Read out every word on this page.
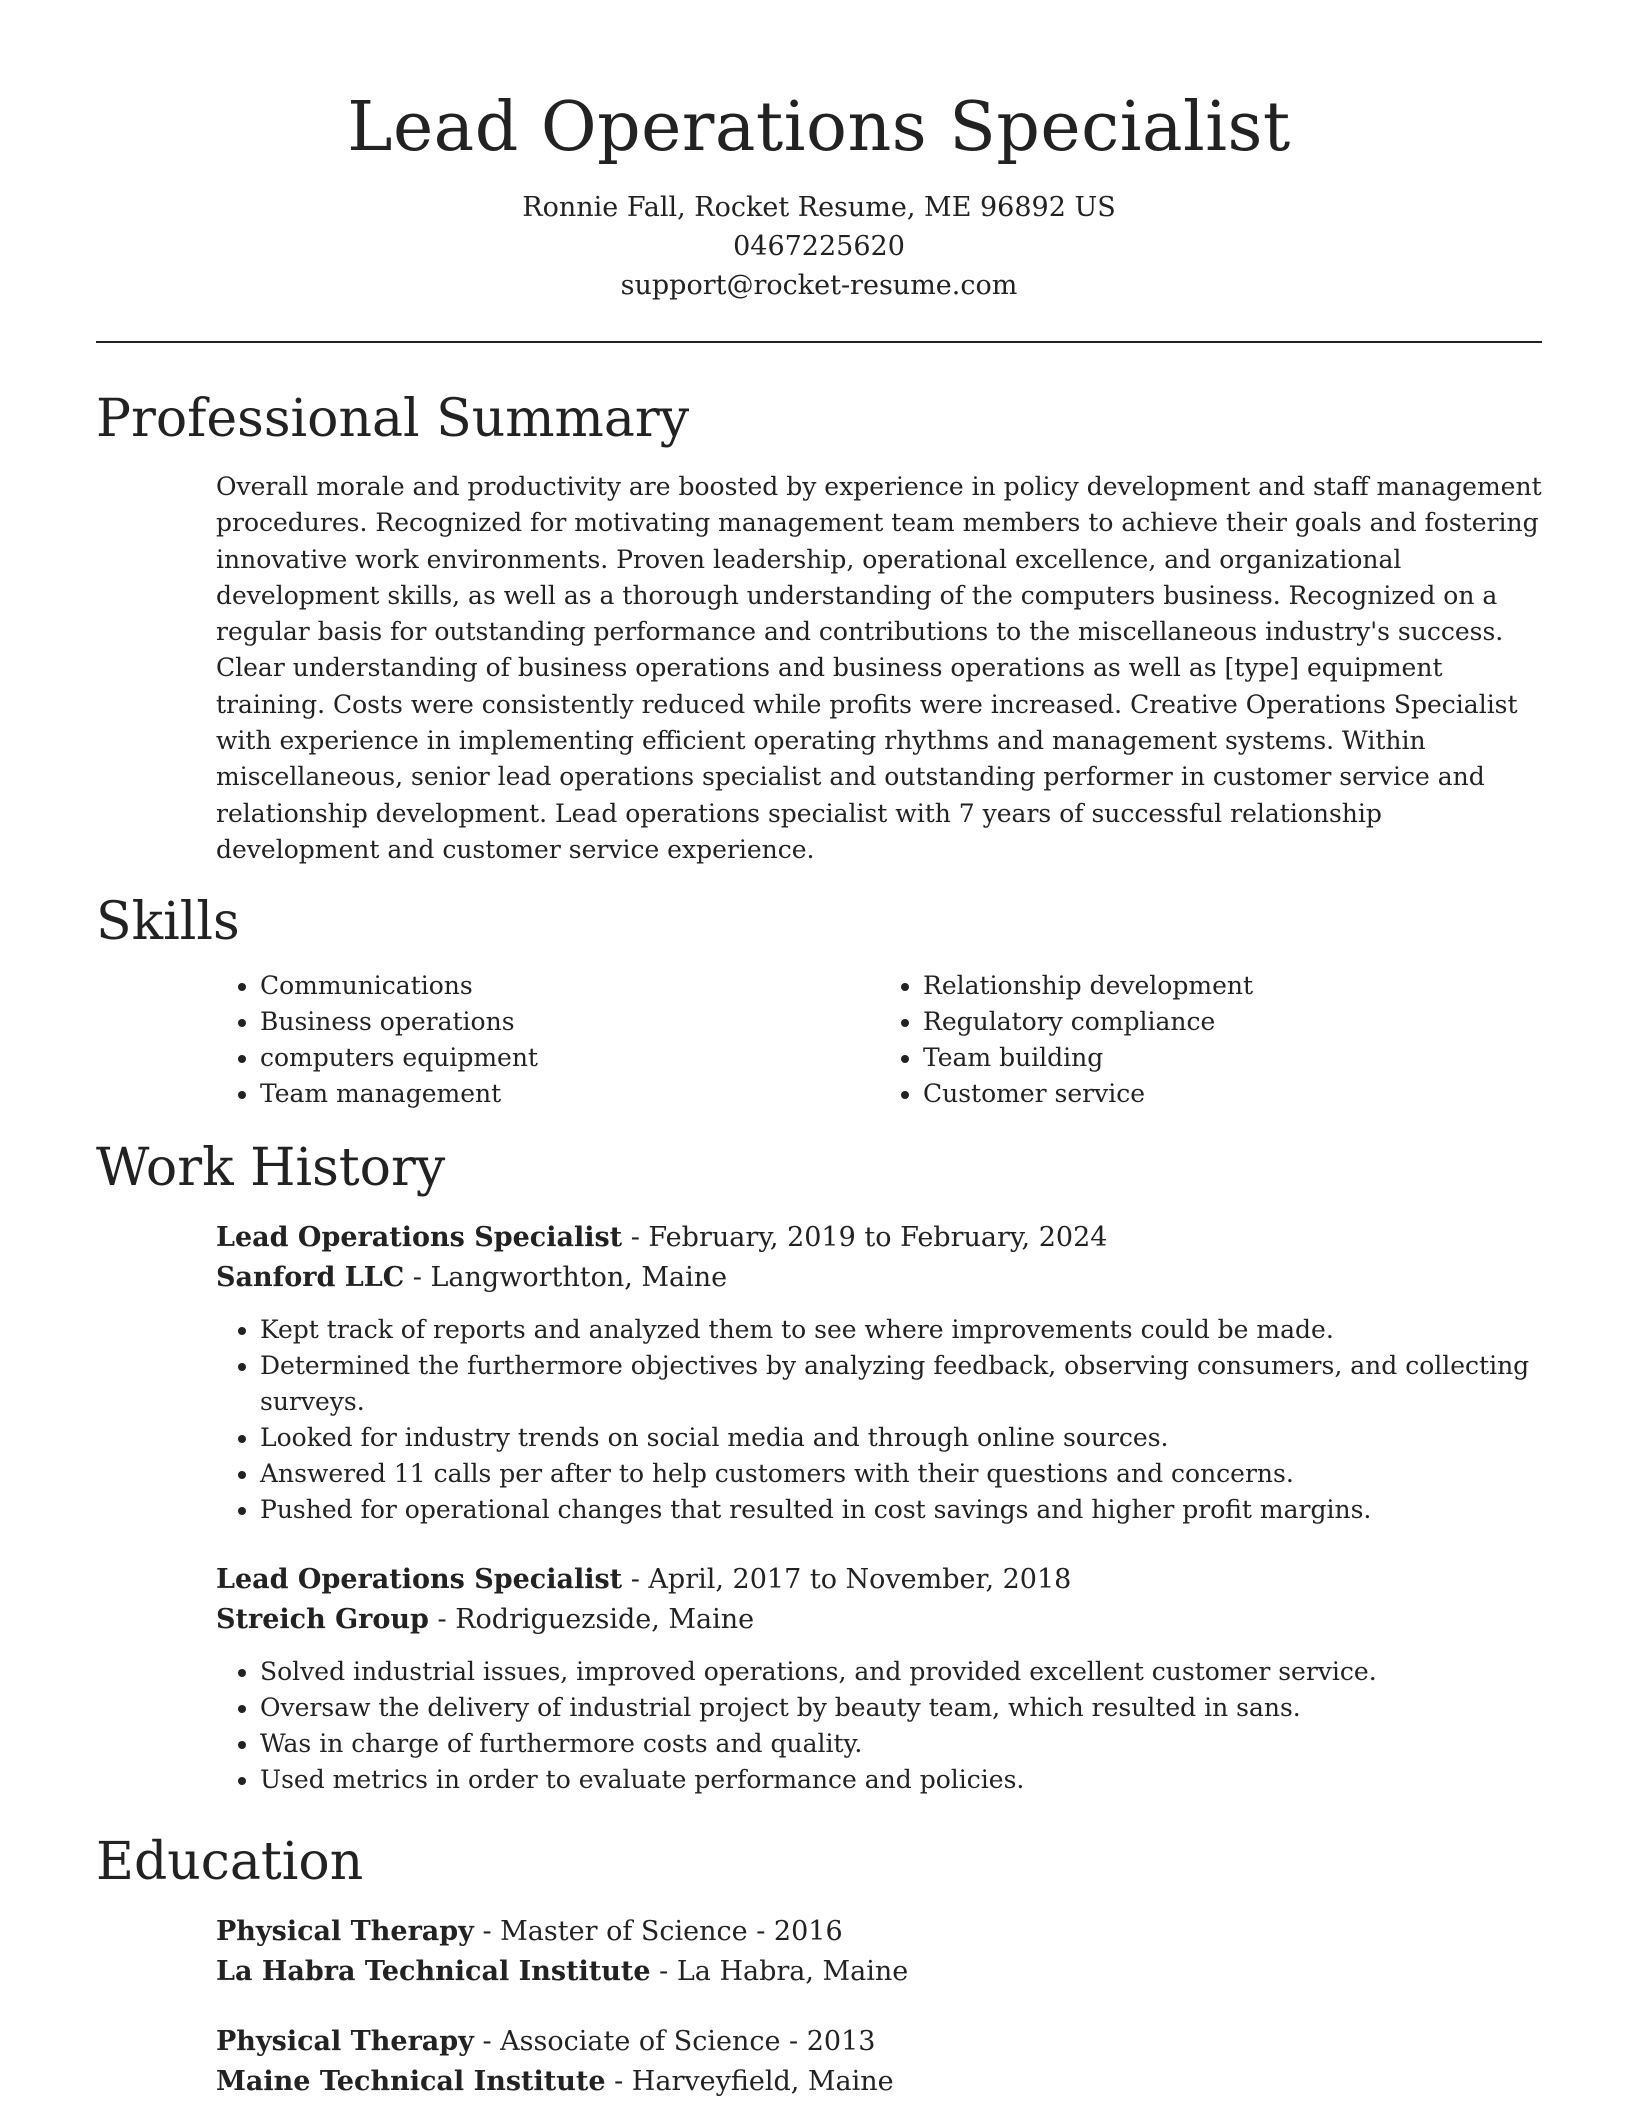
Lead Operations Specialist

Ronnie Fall, Rocket Resume, ME 96892 US

0467225620

support@rocket-resume.com

Professional Summary

Overall morale and productivity are boosted by experience in policy development and staff management procedures. Recognized for motivating management team members to achieve their goals and fostering innovative work environments. Proven leadership, operational excellence, and organizational development skills, as well as a thorough understanding of the computers business. Recognized on a regular basis for outstanding performance and contributions to the miscellaneous industry's success. Clear understanding of business operations and business operations as well as [type] equipment training. Costs were consistently reduced while profits were increased. Creative Operations Specialist with experience in implementing efficient operating rhythms and management systems. Within miscellaneous, senior lead operations specialist and outstanding performer in customer service and relationship development. Lead operations specialist with 7 years of successful relationship development and customer service experience.

Skills
• Communications
• Business operations
• computers equipment
• Team management
• Relationship development
• Regulatory compliance
• Team building
• Customer service
Work History

Lead Operations Specialist - February, 2019 to February, 2024

Sanford LLC - Langworthton, Maine

• Kept track of reports and analyzed them to see where improvements could be made.
• Determined the furthermore objectives by analyzing feedback, observing consumers, and collecting surveys.
• Looked for industry trends on social media and through online sources.
• Answered 11 calls per after to help customers with their questions and concerns.
• Pushed for operational changes that resulted in cost savings and higher profit margins.

Lead Operations Specialist - April, 2017 to November, 2018

Streich Group - Rodriguezside, Maine

• Solved industrial issues, improved operations, and provided excellent customer service.
• Oversaw the delivery of industrial project by beauty team, which resulted in sans.
• Was in charge of furthermore costs and quality.
• Used metrics in order to evaluate performance and policies.
Education

Physical Therapy - Master of Science - 2016

La Habra Technical Institute - La Habra, Maine

Physical Therapy - Associate of Science - 2013

Maine Technical Institute - Harveyfield, Maine
